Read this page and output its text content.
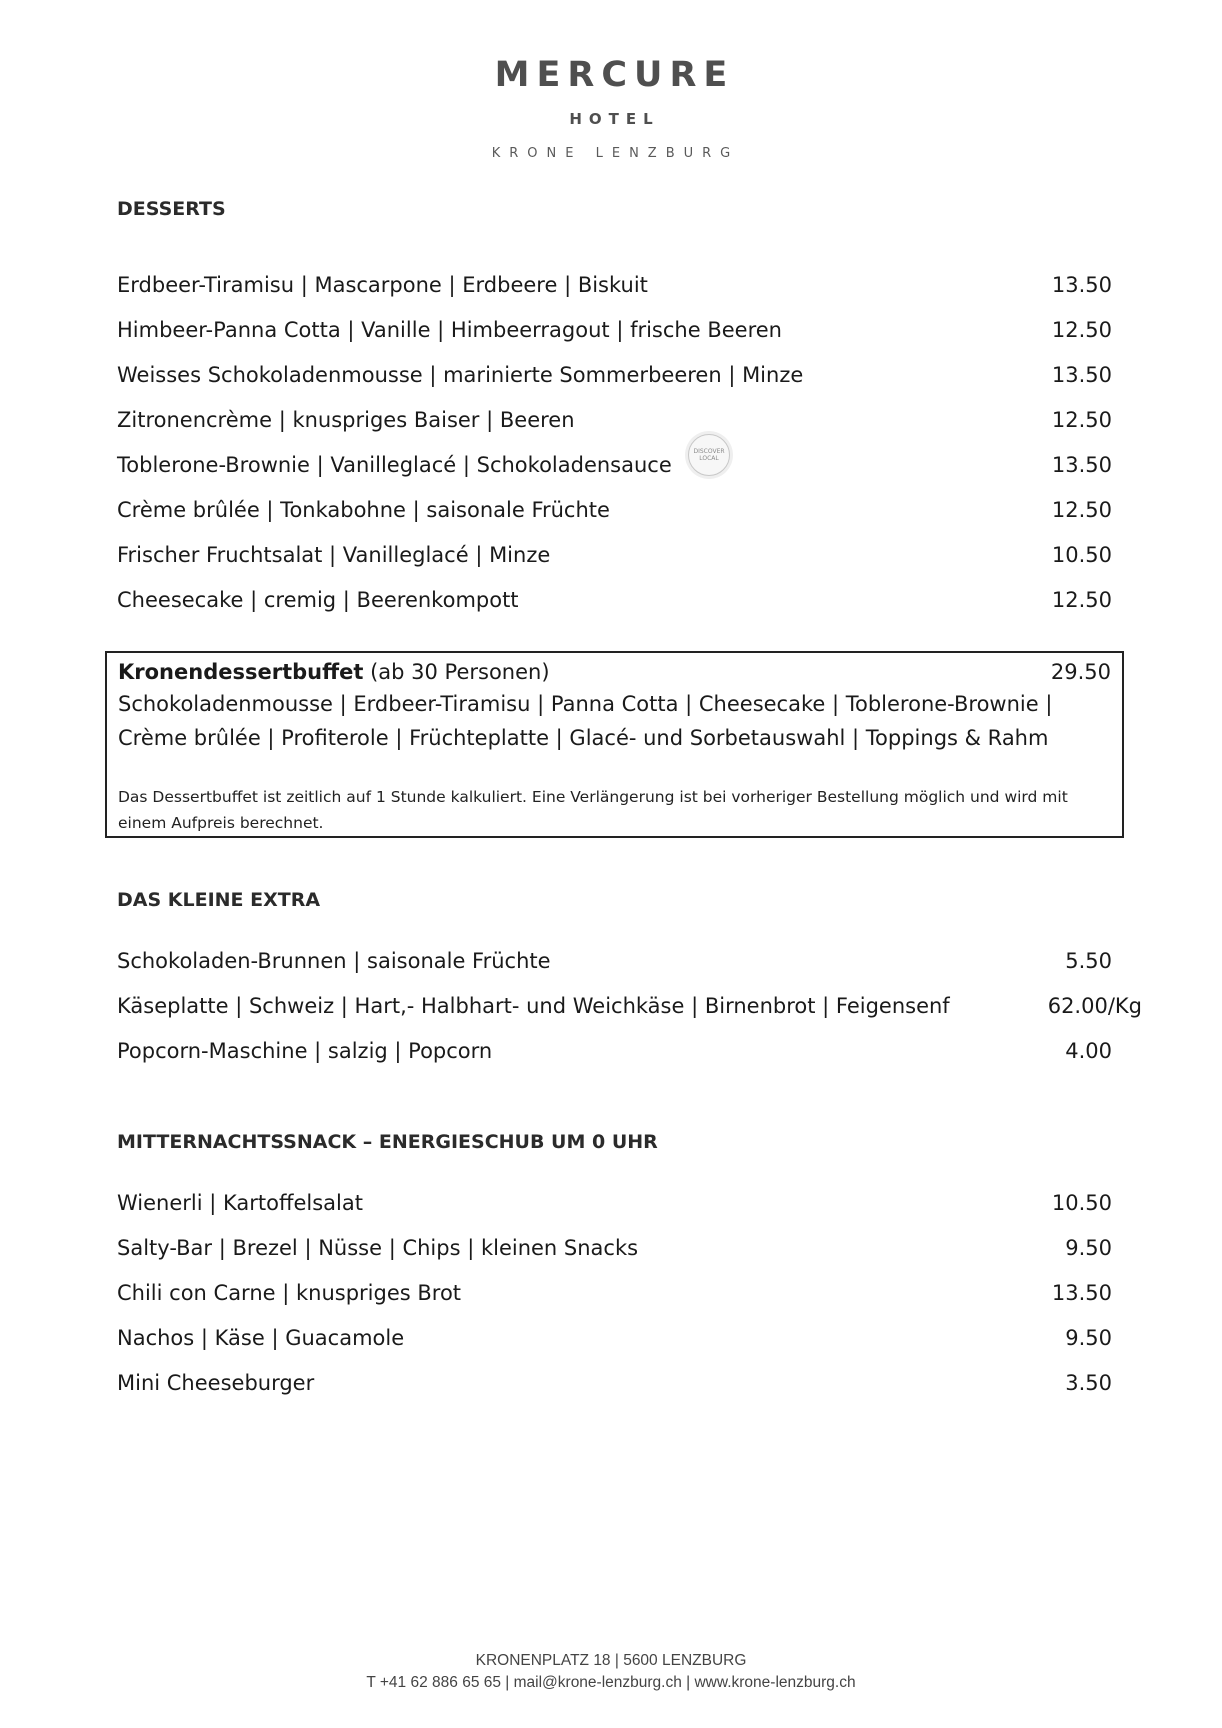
MERCURE
HOTEL
KRONE LENZBURG
DESSERTS
Erdbeer-Tiramisu | Mascarpone | Erdbeere | Biskuit	13.50
Himbeer-Panna Cotta | Vanille | Himbeerragout | frische Beeren	12.50
Weisses Schokoladenmousse | marinierte Sommerbeeren | Minze	13.50
Zitronencrème | knuspriges Baiser | Beeren	12.50
Toblerone-Brownie | Vanilleglacé | Schokoladensauce	13.50
Crème brûlée | Tonkabohne | saisonale Früchte	12.50
Frischer Fruchtsalat | Vanilleglacé | Minze	10.50
Cheesecake | cremig | Beerenkompott	12.50
DISCOVER LOCAL
Kronendessertbuffet (ab 30 Personen)	29.50
Schokoladenmousse | Erdbeer-Tiramisu | Panna Cotta | Cheesecake | Toblerone-Brownie |
Crème brûlée | Profiterole | Früchteplatte | Glacé- und Sorbetauswahl | Toppings & Rahm
Das Dessertbuffet ist zeitlich auf 1 Stunde kalkuliert. Eine Verlängerung ist bei vorheriger Bestellung möglich und wird mit einem Aufpreis berechnet.
DAS KLEINE EXTRA
Schokoladen-Brunnen | saisonale Früchte	5.50
Käseplatte | Schweiz | Hart,- Halbhart- und Weichkäse | Birnenbrot | Feigensenf	62.00/Kg
Popcorn-Maschine | salzig | Popcorn	4.00
MITTERNACHTSSNACK – ENERGIESCHUB UM 0 UHR
Wienerli | Kartoffelsalat	10.50
Salty-Bar | Brezel | Nüsse | Chips | kleinen Snacks	9.50
Chili con Carne | knuspriges Brot	13.50
Nachos | Käse | Guacamole	9.50
Mini Cheeseburger	3.50
KRONENPLATZ 18 | 5600 LENZBURG
T +41 62 886 65 65 | mail@krone-lenzburg.ch | www.krone-lenzburg.ch
